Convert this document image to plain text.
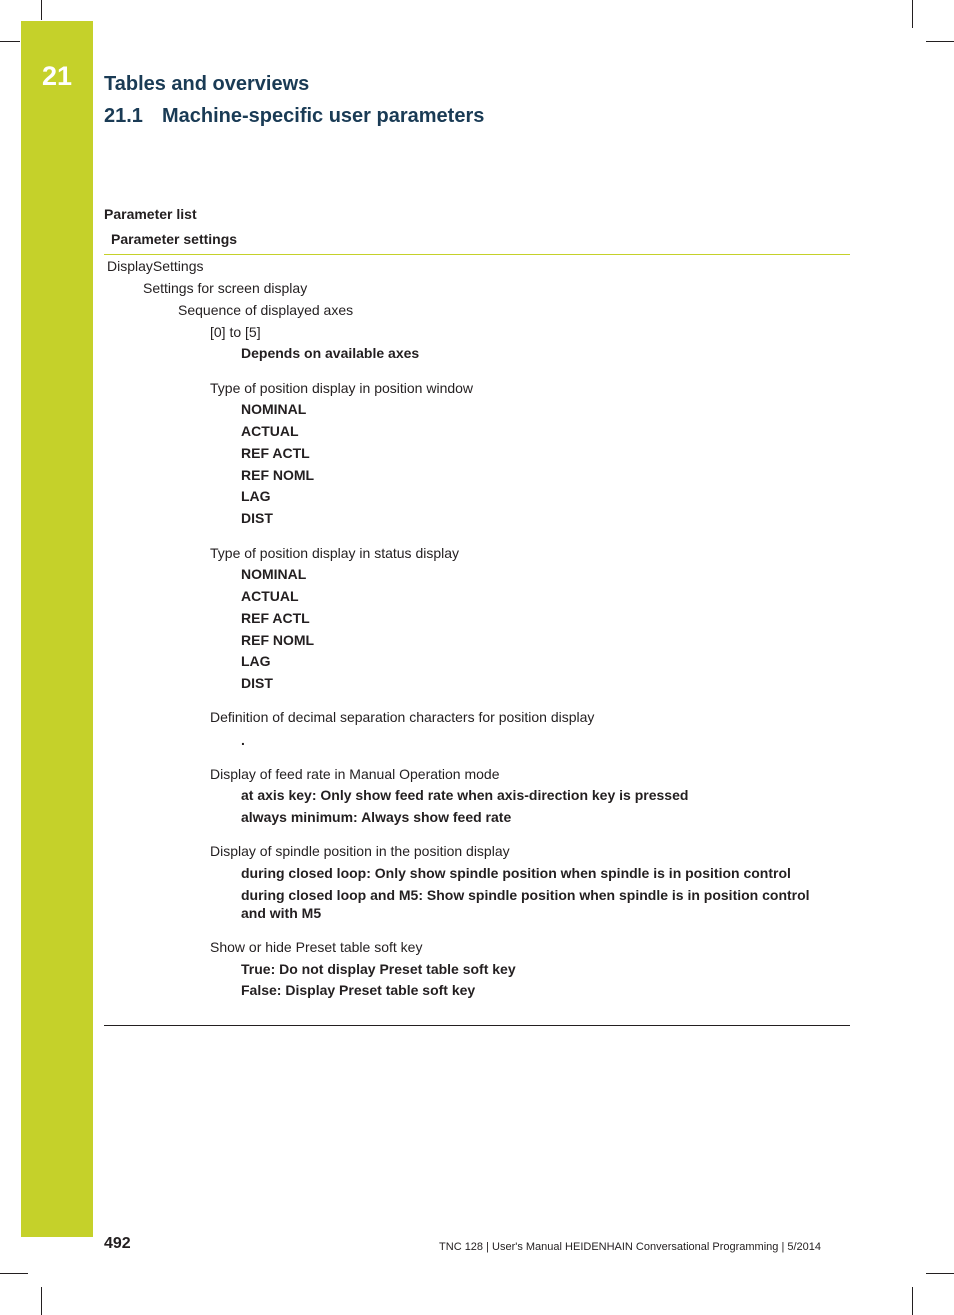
21	Tables and overviews
21.1 Machine-specific user parameters
Parameter list
Parameter settings
DisplaySettings
Settings for screen display
Sequence of displayed axes
[0] to [5]
Depends on available axes
Type of position display in position window
NOMINAL
ACTUAL
REF ACTL
REF NOML
LAG
DIST
Type of position display in status display
NOMINAL
ACTUAL
REF ACTL
REF NOML
LAG
DIST
Definition of decimal separation characters for position display
.
Display of feed rate in Manual Operation mode
at axis key: Only show feed rate when axis-direction key is pressed
always minimum: Always show feed rate
Display of spindle position in the position display
during closed loop: Only show spindle position when spindle is in position control
during closed loop and M5: Show spindle position when spindle is in position control and with M5
Show or hide Preset table soft key
True: Do not display Preset table soft key
False: Display Preset table soft key
492	TNC 128 | User's Manual HEIDENHAIN Conversational Programming | 5/2014
